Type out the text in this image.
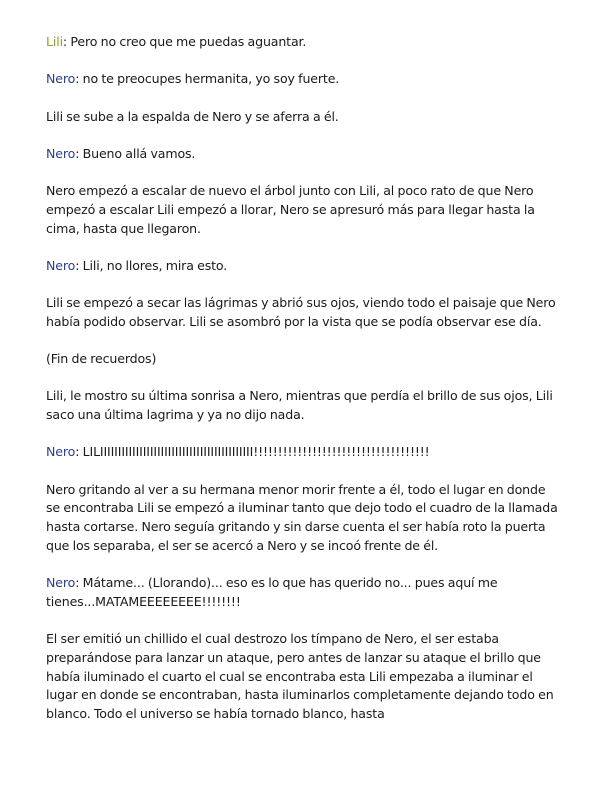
Lili: Pero no creo que me puedas aguantar.

Nero: no te preocupes hermanita, yo soy fuerte.

Lili se sube a la espalda de Nero y se aferra a él.

Nero: Bueno allá vamos.

Nero empezó a escalar de nuevo el árbol junto con Lili, al poco rato de que Nero empezó a escalar Lili empezó a llorar, Nero se apresuró más para llegar hasta la cima, hasta que llegaron.

Nero: Lili, no llores, mira esto.

Lili se empezó a secar las lágrimas y abrió sus ojos, viendo todo el paisaje que Nero había podido observar. Lili se asombró por la vista que se podía observar ese día.

(Fin de recuerdos)

Lili, le mostro su última sonrisa a Nero, mientras que perdía el brillo de sus ojos, Lili saco una última lagrima y ya no dijo nada.

Nero: LILIIIIIIIIIIIIIIIIIIIIIIIIIIIIIIIIIIIIIIIIIII!!!!!!!!!!!!!!!!!!!!!!!!!!!!!!!!!!!!

Nero gritando al ver a su hermana menor morir frente a él, todo el lugar en donde se encontraba Lili se empezó a iluminar tanto que dejo todo el cuadro de la llamada hasta cortarse. Nero seguía gritando y sin darse cuenta el ser había roto la puerta que los separaba, el ser se acercó a Nero y se incoó frente de él.

Nero: Mátame... (Llorando)... eso es lo que has querido no... pues aquí me tienes...MATAMEEEEEEEE!!!!!!!!

El ser emitió un chillido el cual destrozo los tímpano de Nero, el ser estaba preparándose para lanzar un ataque, pero antes de lanzar su ataque el brillo que había iluminado el cuarto el cual se encontraba esta Lili empezaba a iluminar el lugar en donde se encontraban, hasta iluminarlos completamente dejando todo en blanco. Todo el universo se había tornado blanco, hasta
